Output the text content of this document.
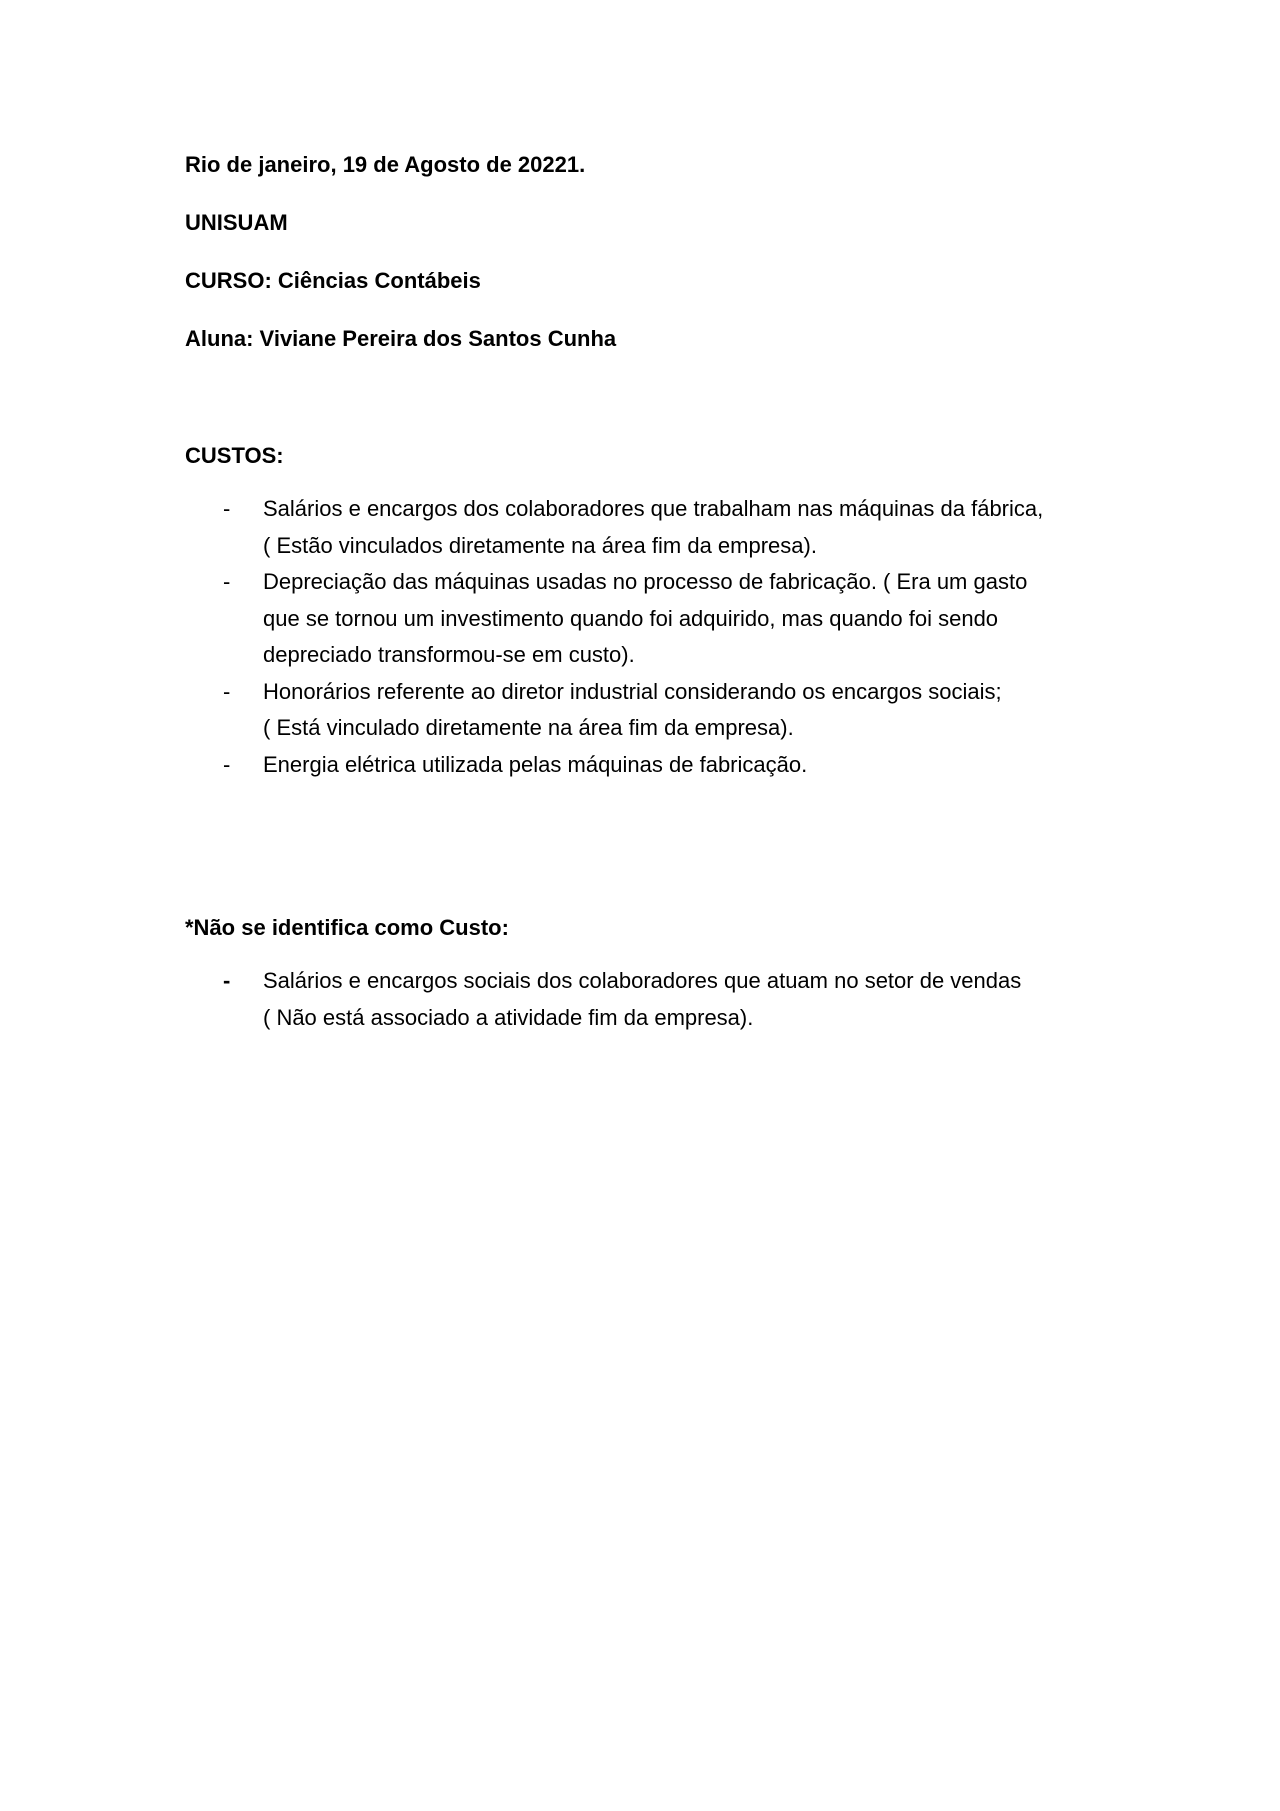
Rio de janeiro, 19 de Agosto de 20221.
UNISUAM
CURSO: Ciências Contábeis
Aluna: Viviane Pereira dos Santos Cunha
CUSTOS:
-	Salários e encargos dos colaboradores que trabalham nas máquinas da fábrica,
( Estão vinculados diretamente na área fim da empresa).
-	Depreciação das máquinas usadas no processo de fabricação. ( Era um gasto
que se tornou um investimento quando foi adquirido, mas quando foi sendo
depreciado transformou-se em custo).
-	Honorários referente ao diretor industrial considerando os encargos sociais;
( Está vinculado diretamente na área fim da empresa).
-	Energia elétrica utilizada pelas máquinas de fabricação.
*Não se identifica como Custo:
-	Salários e encargos sociais dos colaboradores que atuam no setor de vendas
( Não está associado a atividade fim da empresa).
